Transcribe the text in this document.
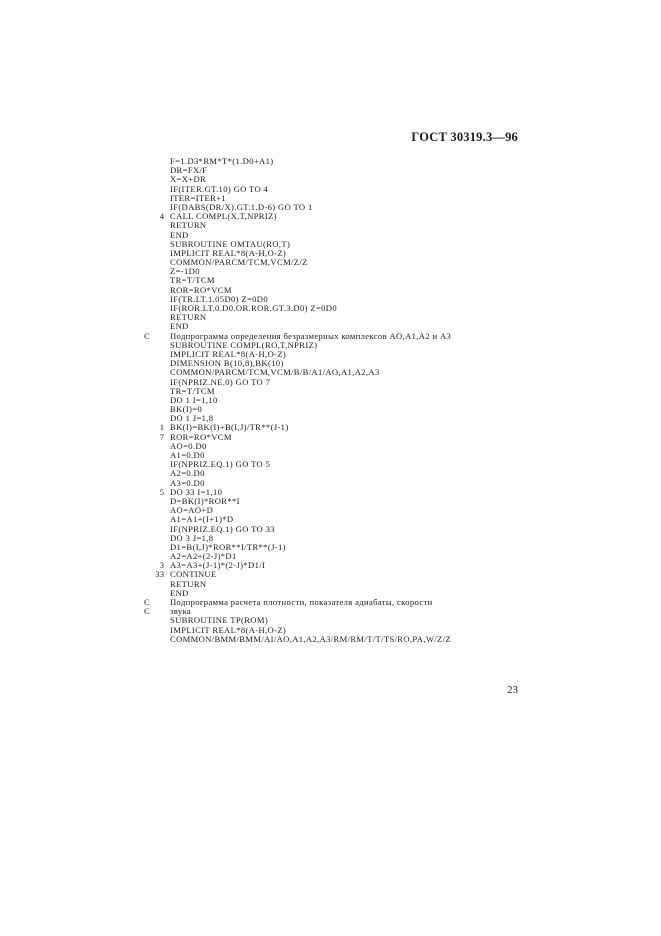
ГОСТ 30319.3—96
F=1.D3*RM*T*(1.D0+A1)
DR=FX/F
X=X+DR
IF(ITER.GT.10) GO TO 4
ITER=ITER+1
IF(DABS(DR/X).GT.1.D-6) GO TO 1
4 CALL COMPL(X,T,NPRIZ)
RETURN
END
SUBROUTINE OMTAU(RO,T)
IMPLICIT REAL*8(A-H,O-Z)
COMMON/PARCM/TCM,VCM/Z/Z
Z=-1D0
TR=T/TCM
ROR=RO*VCM
IF(TR.LT.1.05D0) Z=0D0
IF(ROR.LT.0.D0.OR.ROR.GT.3.D0) Z=0D0
RETURN
END
C	Подпрограмма определения безразмерных комплексов AO,A1,A2 и A3
SUBROUTINE COMPL(RO,T,NPRIZ)
IMPLICIT REAL*8(A-H,O-Z)
DIMENSION B(10,8),BK(10)
COMMON/PARCM/TCM,VCM/B/B/A1/AO,A1,A2,A3
IF(NPRIZ.NE.0) GO TO 7
TR=T/TCM
DO 1 I=1,10
BK(I)=0
DO 1 J=1,8
1 BK(I)=BK(I)+B(I,J)/TR**(J-1)
7 ROR=RO*VCM
AO=0.D0
A1=0.D0
IF(NPRIZ.EQ.1) GO TO 5
A2=0.D0
A3=0.D0
5 DO 33 I=1,10
D=BK(I)*ROR**I
AO=AO+D
A1=A1+(I+1)*D
IF(NPRIZ.EQ.1) GO TO 33
DO 3 J=1,8
D1=B(I,J)*ROR**I/TR**(J-1)
A2=A2+(2-J)*D1
3 A3=A3+(J-1)*(2-J)*D1/I
33 CONTINUE
RETURN
END
C	Подпрограмма расчета плотности, показателя адиабаты, скорости
C	звука
SUBROUTINE TP(ROM)
IMPLICIT REAL*8(A-H,O-Z)
COMMON/BMM/BMM/AI/AO,A1,A2,A3/RM/RM/T/T/TS/RO,PA,W/Z/Z
23
